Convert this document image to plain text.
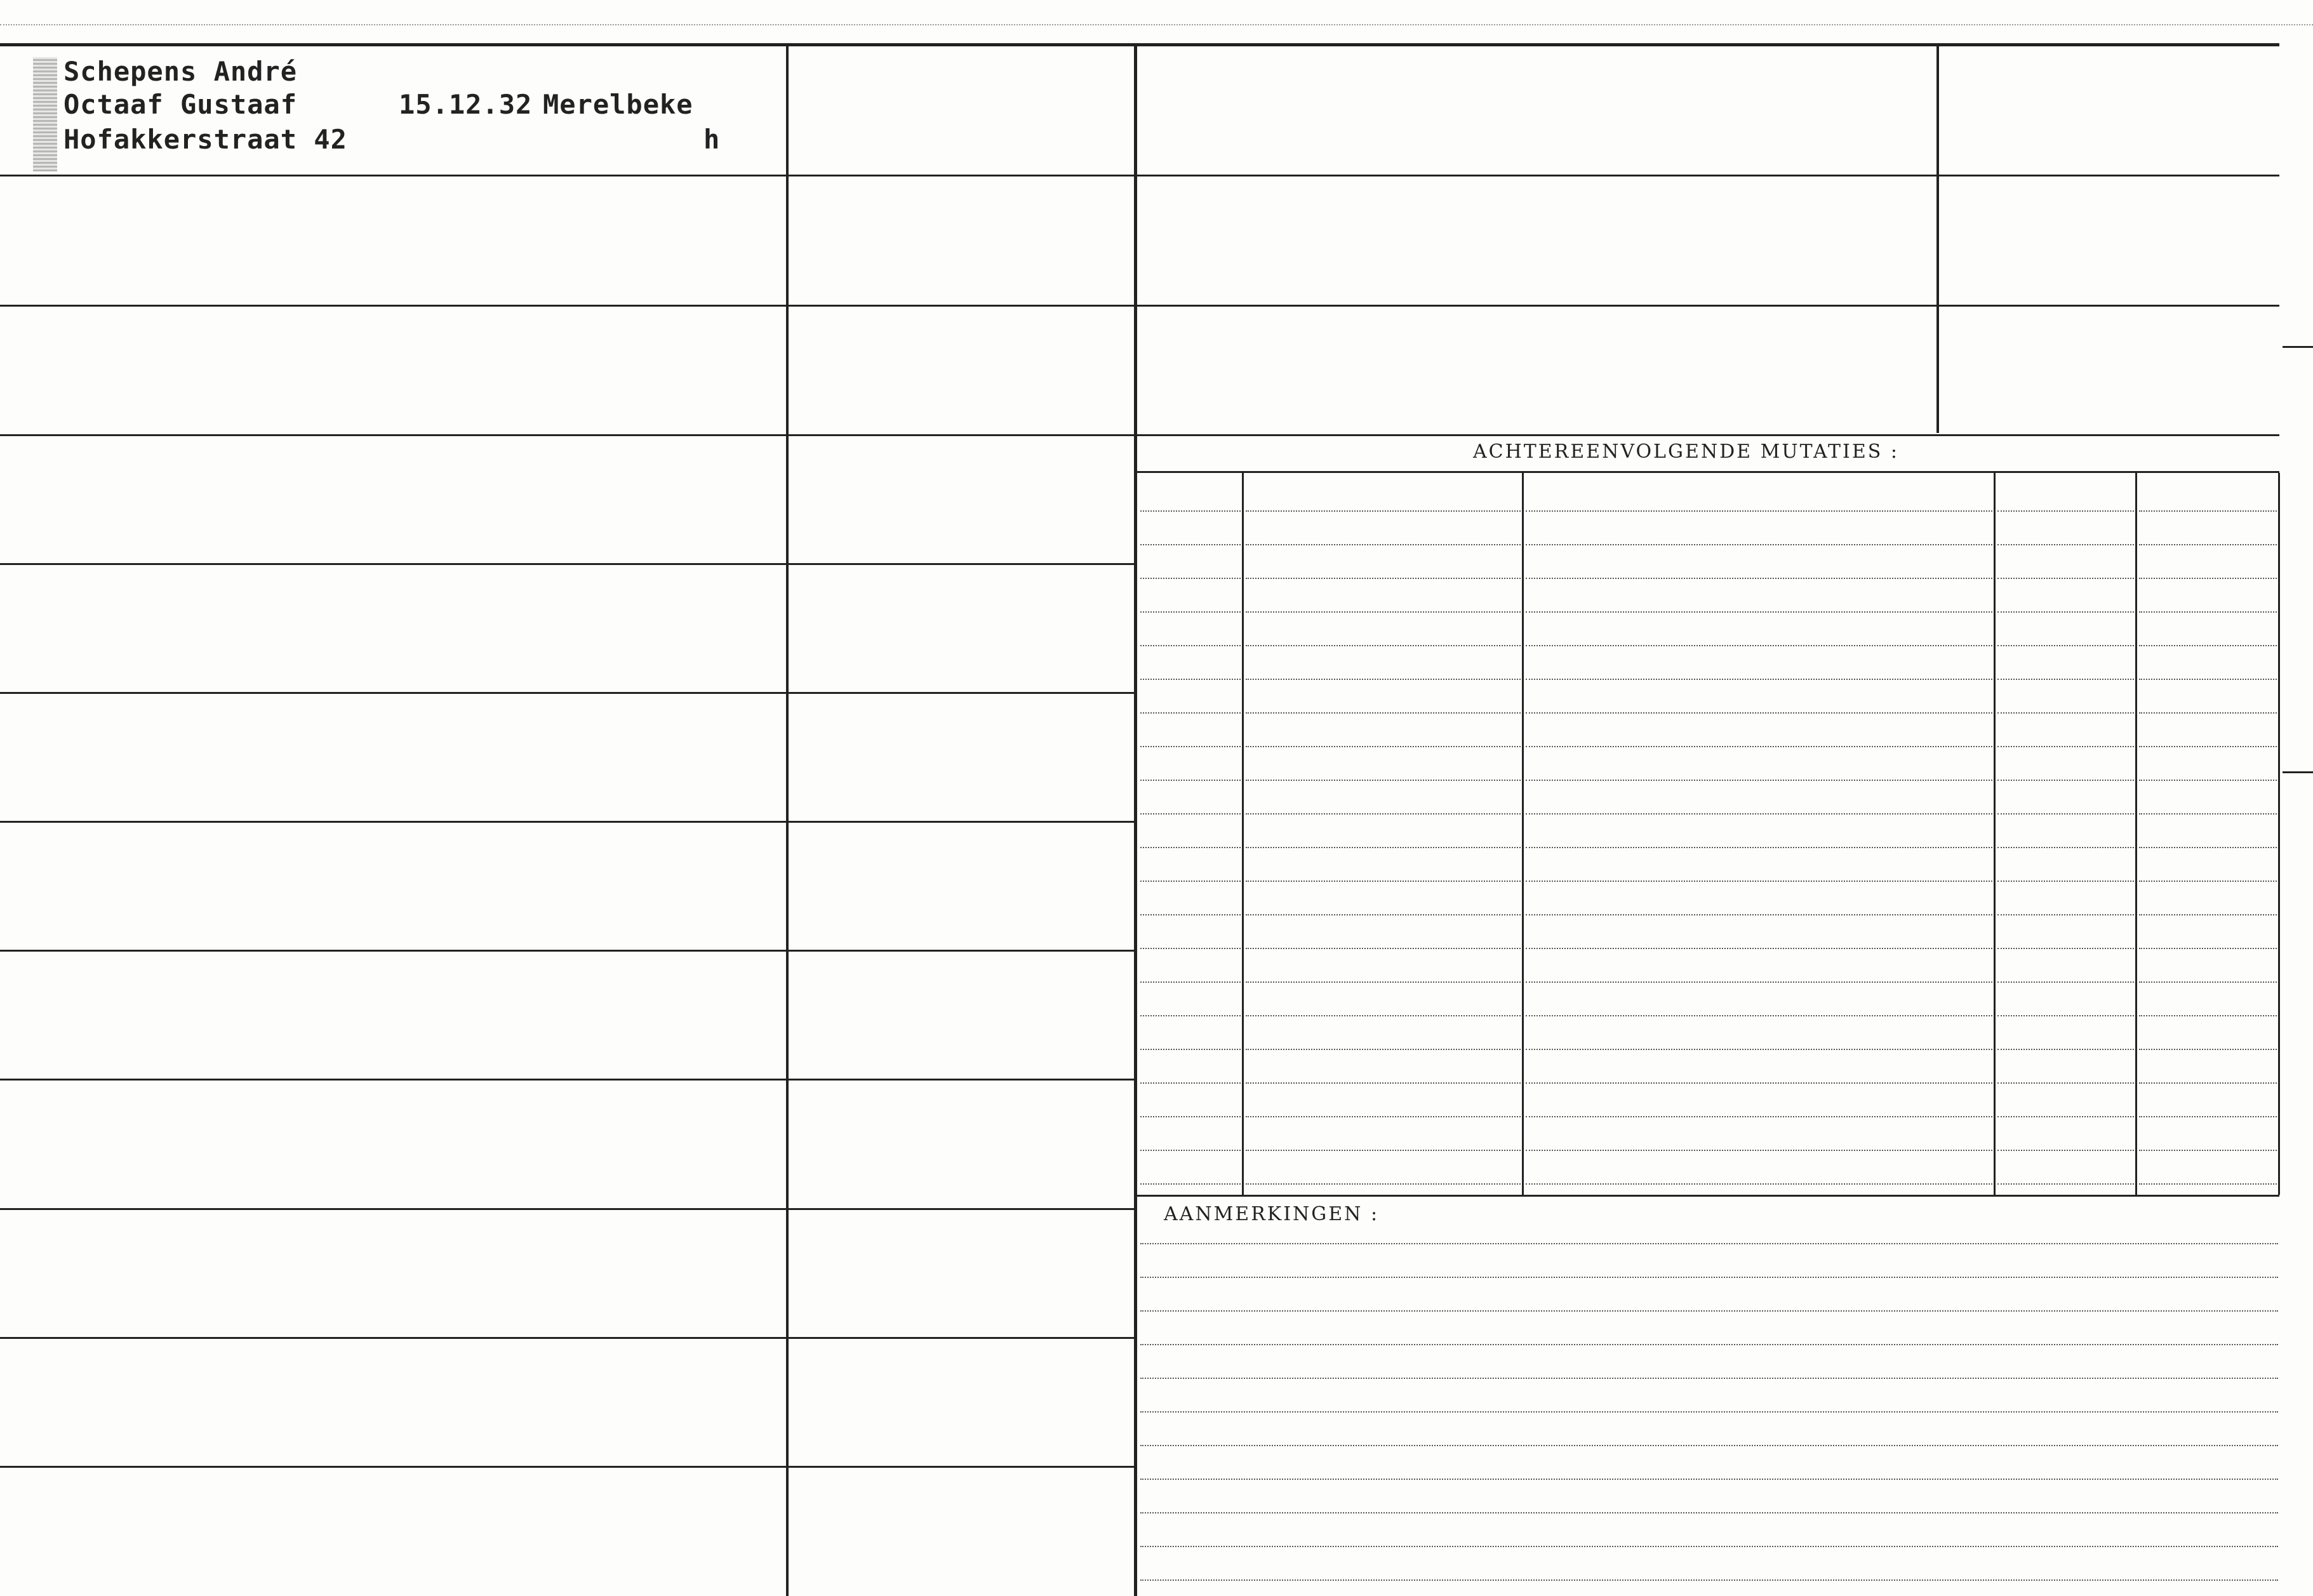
ACHTEREENVOLGENDE MUTATIES :
AANMERKINGEN :
Schepens André
Octaaf Gustaaf
Hofakkerstraat 42
15.12.32 Merelbeke
h
